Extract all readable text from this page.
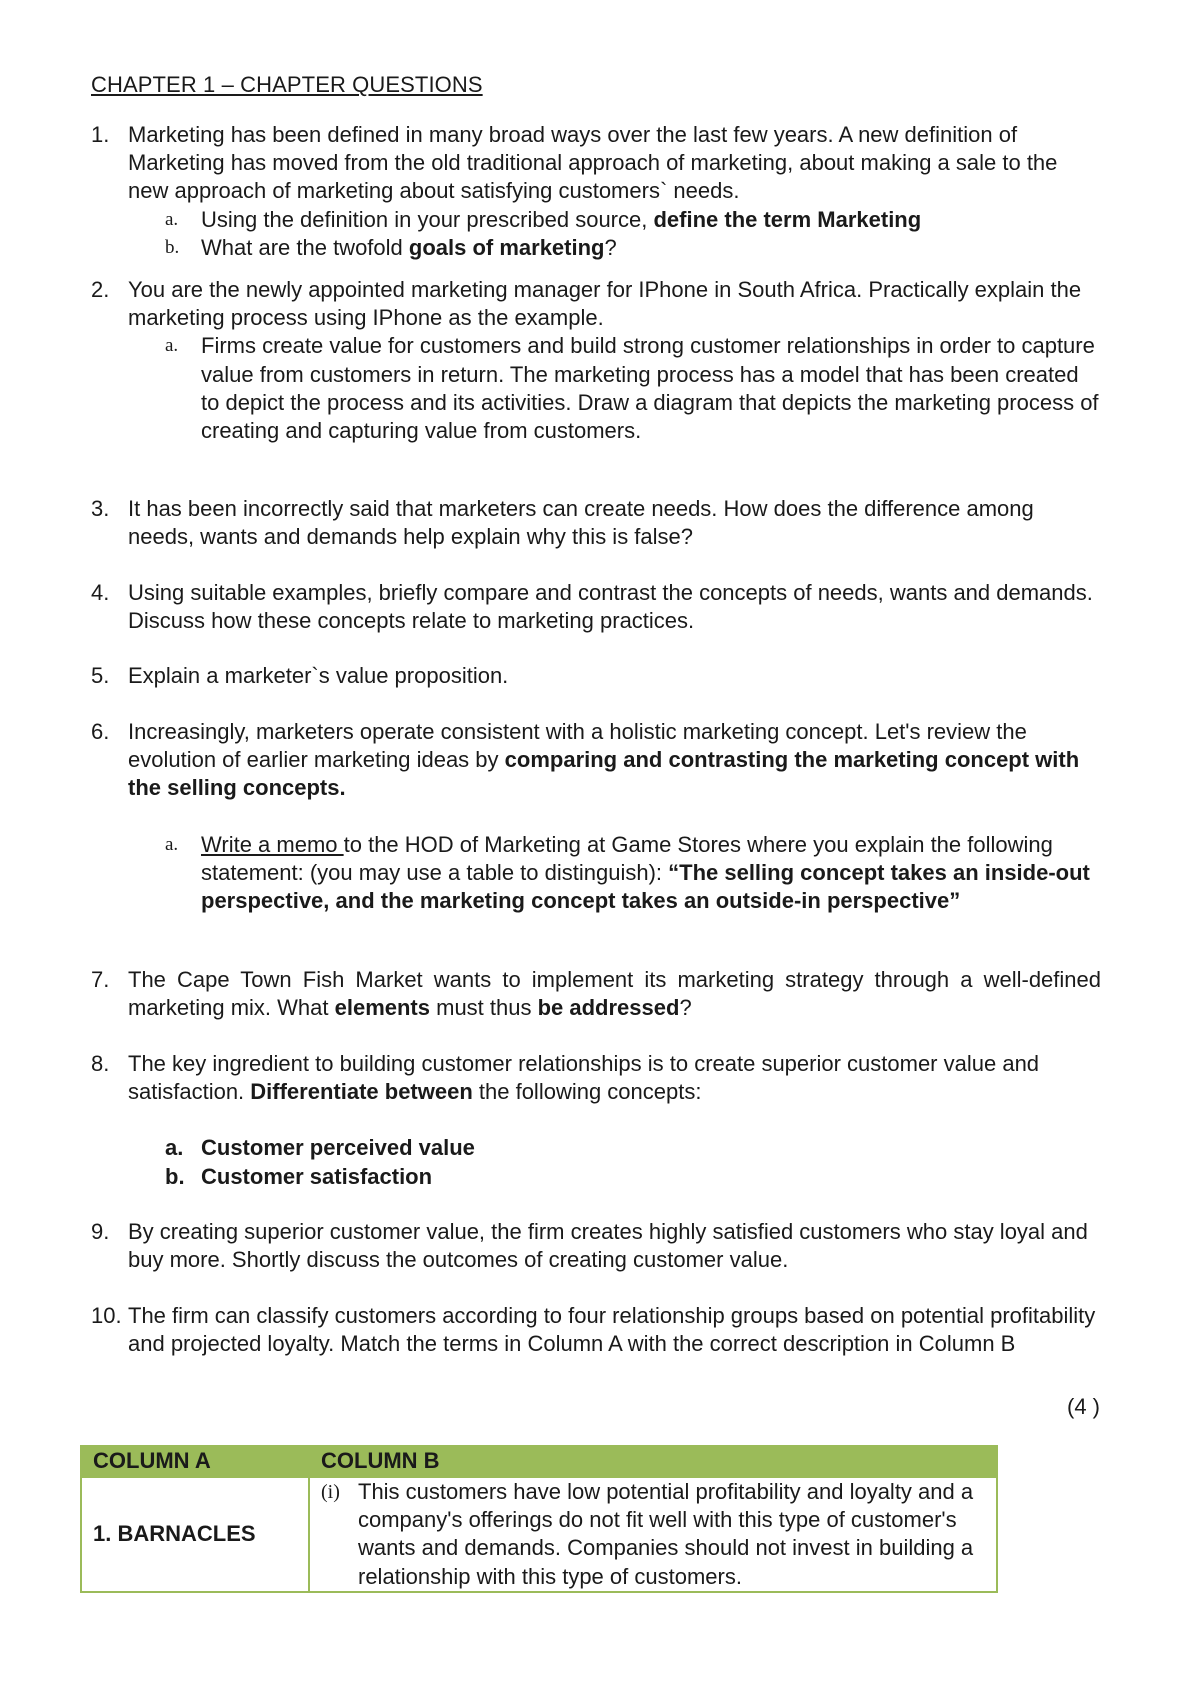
CHAPTER 1 – CHAPTER QUESTIONS
1. Marketing has been defined in many broad ways over the last few years. A new definition of Marketing has moved from the old traditional approach of marketing, about making a sale to the new approach of marketing about satisfying customers` needs.
a. Using the definition in your prescribed source, define the term Marketing
b. What are the twofold goals of marketing?
2. You are the newly appointed marketing manager for IPhone in South Africa. Practically explain the marketing process using IPhone as the example.
a. Firms create value for customers and build strong customer relationships in order to capture value from customers in return. The marketing process has a model that has been created to depict the process and its activities. Draw a diagram that depicts the marketing process of creating and capturing value from customers.
3. It has been incorrectly said that marketers can create needs. How does the difference among needs, wants and demands help explain why this is false?
4. Using suitable examples, briefly compare and contrast the concepts of needs, wants and demands. Discuss how these concepts relate to marketing practices.
5. Explain a marketer`s value proposition.
6. Increasingly, marketers operate consistent with a holistic marketing concept. Let's review the evolution of earlier marketing ideas by comparing and contrasting the marketing concept with the selling concepts.
a. Write a memo to the HOD of Marketing at Game Stores where you explain the following statement: (you may use a table to distinguish): “The selling concept takes an inside-out perspective, and the marketing concept takes an outside-in perspective”
7. The Cape Town Fish Market wants to implement its marketing strategy through a well-defined marketing mix. What elements must thus be addressed?
8. The key ingredient to building customer relationships is to create superior customer value and satisfaction. Differentiate between the following concepts:
a. Customer perceived value
b. Customer satisfaction
9. By creating superior customer value, the firm creates highly satisfied customers who stay loyal and buy more. Shortly discuss the outcomes of creating customer value.
10. The firm can classify customers according to four relationship groups based on potential profitability and projected loyalty. Match the terms in Column A with the correct description in Column B
(4 )
COLUMN A	COLUMN B
1. BARNACLES	(i) This customers have low potential profitability and loyalty and a company's offerings do not fit well with this type of customer's wants and demands. Companies should not invest in building a relationship with this type of customers.
